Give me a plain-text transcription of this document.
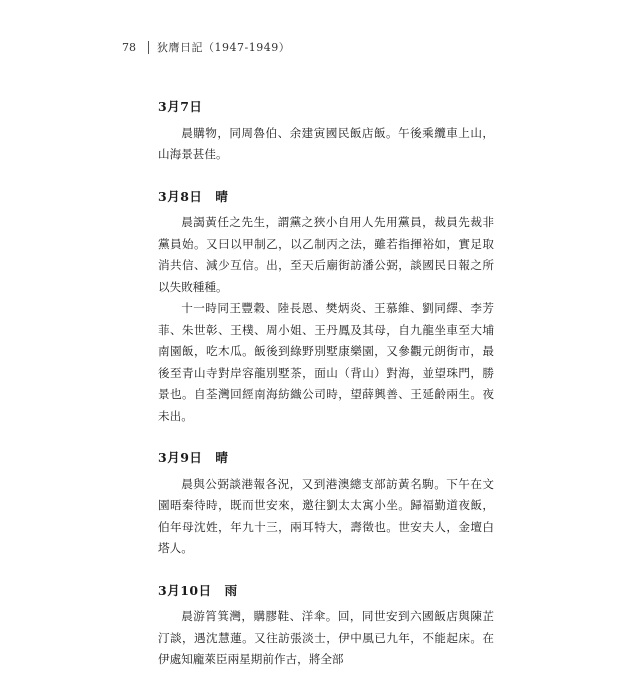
78	狄膺日記（1947-1949）
3月7日

晨購物，同周魯伯、余建寅國民飯店飯。午後乘纜車上山，山海景甚佳。

3月8日　晴

晨謁黃任之先生，謂黨之狹小自用人先用黨員，裁員先裁非黨員始。又曰以甲制乙，以乙制丙之法，雖若指揮裕如，實足取消共信、減少互信。出，至天后廟街訪潘公弼，談國民日報之所以失敗種種。

十一時同王豐穀、陸長恩、樊炳炎、王慕維、劉同繹、李芳菲、朱世彰、王樸、周小姐、王丹鳳及其母，自九龍坐車至大埔南園飯，吃木瓜。飯後到綠野別墅康樂園，又參觀元朗街市，最後至青山寺對岸容龍別墅茶，面山（背山）對海，並望珠門，勝景也。自荃灣回經南海紡織公司時，望薛興善、王延齡兩生。夜未出。

3月9日　晴

晨與公弼談港報各況，又到港澳總支部訪黃名駒。下午在文園晤秦待時，既而世安來，邀往劉太太寓小坐。歸福勤道夜飯，伯年母沈姓，年九十三，兩耳特大，壽徵也。世安夫人，金壇白塔人。

3月10日　雨

晨游筲箕灣，購膠鞋、洋傘。回，同世安到六國飯店與陳芷汀談，遇沈慧蓮。又往訪張淡士，伊中風已九年，不能起床。在伊處知龐萊臣兩星期前作古，將全部
